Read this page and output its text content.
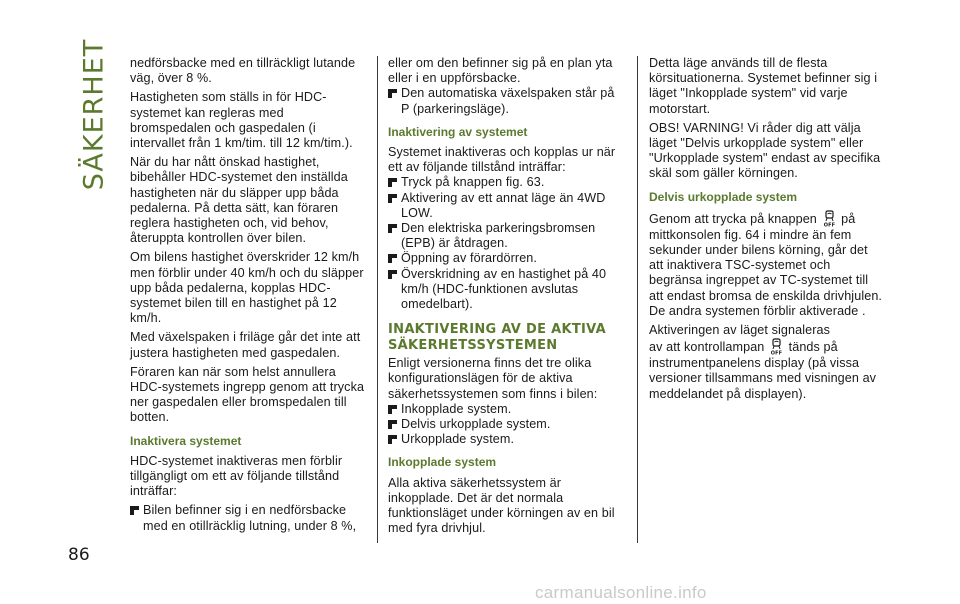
SÄKERHET
86

nedförsbacke med en tillräckligt lutande väg, över 8 %.

Hastigheten som ställs in för HDC-systemet kan regleras med bromspedalen och gaspedalen (i intervallet från 1 km/tim. till 12 km/tim.).

När du har nått önskad hastighet, bibehåller HDC-systemet den inställda hastigheten när du släpper upp båda pedalerna. På detta sätt, kan föraren reglera hastigheten och, vid behov, återuppta kontrollen över bilen.

Om bilens hastighet överskrider 12 km/h men förblir under 40 km/h och du släpper upp båda pedalerna, kopplas HDC-systemet bilen till en hastighet på 12 km/h.

Med växelspaken i friläge går det inte att justera hastigheten med gaspedalen.

Föraren kan när som helst annullera HDC-systemets ingrepp genom att trycka ner gaspedalen eller bromspedalen till botten.

Inaktivera systemet

HDC-systemet inaktiveras men förblir tillgängligt om ett av följande tillstånd inträffar:

Bilen befinner sig i en nedförsbacke med en otillräcklig lutning, under 8 %,

eller om den befinner sig på en plan yta eller i en uppförsbacke.

Den automatiska växelspaken står på P (parkeringsläge).
Inaktivering av systemet

Systemet inaktiveras och kopplas ur när ett av följande tillstånd inträffar:

Tryck på knappen fig. 63.
Aktivering av ett annat läge än 4WD LOW.
Den elektriska parkeringsbromsen (EPB) är åtdragen.
Öppning av förardörren.
Överskridning av en hastighet på 40 km/h (HDC-funktionen avslutas omedelbart).
INAKTIVERING AV DE AKTIVA
SÄKERHETSSYSTEMEN

Enligt versionerna finns det tre olika konfigurationslägen för de aktiva säkerhetssystemen som finns i bilen:

Inkopplade system.
Delvis urkopplade system.
Urkopplade system.
Inkopplade system

Alla aktiva säkerhetssystem är inkopplade. Det är det normala funktionsläget under körningen av en bil med fyra drivhjul.

Detta läge används till de flesta körsituationerna. Systemet befinner sig i läget "Inkopplade system" vid varje motorstart.

OBS! VARNING! Vi råder dig att välja läget "Delvis urkopplade system" eller "Urkopplade system" endast av specifika skäl som gäller körningen.

Delvis urkopplade system

Genom att trycka på knappen OFF på mittkonsolen fig. 64 i mindre än fem sekunder under bilens körning, går det att inaktivera TSC-systemet och begränsa ingreppet av TC-systemet till att endast bromsa de enskilda drivhjulen. De andra systemen förblir aktiverade .

Aktiveringen av läget signaleras

av att kontrollampan OFF tänds på instrumentpanelens display (på vissa versioner tillsammans med visningen av meddelandet på displayen).

carmanualsonline.info
